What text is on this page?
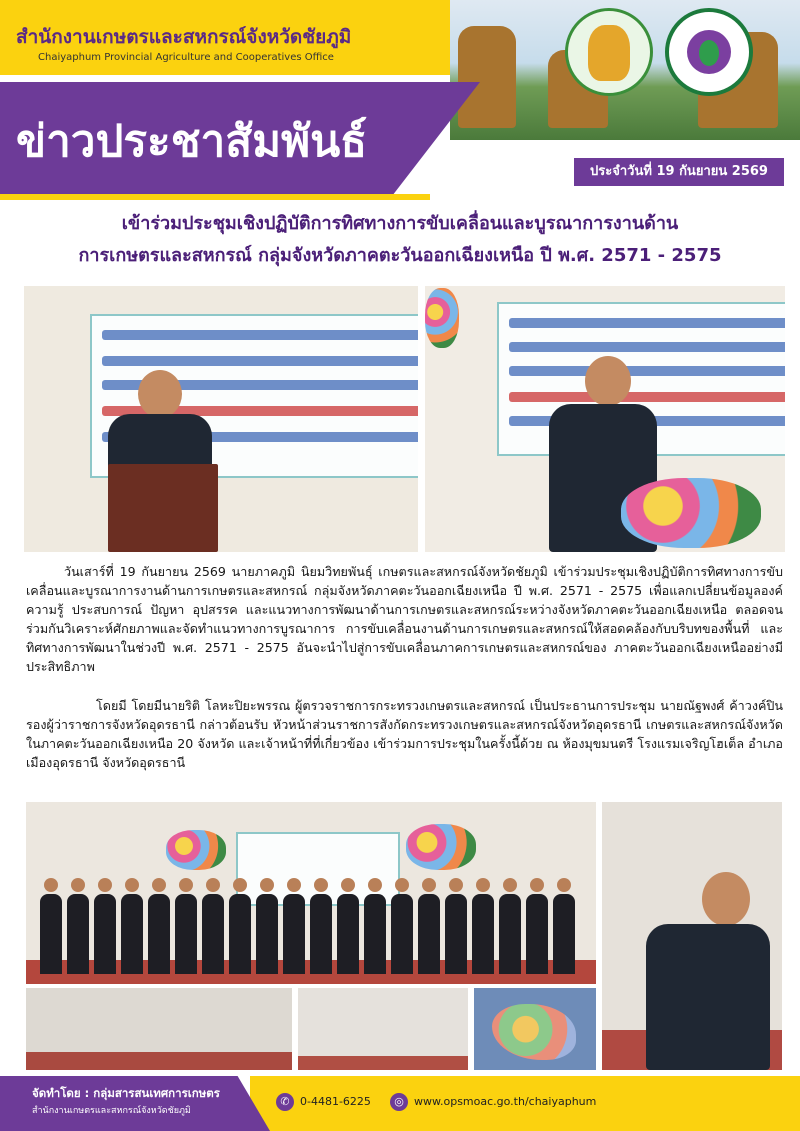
สำนักงานเกษตรและสหกรณ์จังหวัดชัยภูมิ
Chaiyaphum Provincial Agriculture and Cooperatives Office
ข่าวประชาสัมพันธ์
ประจำวันที่ 19 กันยายน 2569
เข้าร่วมประชุมเชิงปฏิบัติการทิศทางการขับเคลื่อนและบูรณาการงานด้าน
การเกษตรและสหกรณ์ กลุ่มจังหวัดภาคตะวันออกเฉียงเหนือ ปี พ.ศ. 2571 - 2575
วันเสาร์ที่ 19 กันยายน 2569 นายภาคภูมิ นิยมวิทยพันธุ์ เกษตรและสหกรณ์จังหวัดชัยภูมิ เข้าร่วมประชุมเชิงปฏิบัติการทิศทางการขับเคลื่อนและบูรณาการงานด้านการเกษตรและสหกรณ์ กลุ่มจังหวัดภาคตะวันออกเฉียงเหนือ ปี พ.ศ. 2571 - 2575 เพื่อแลกเปลี่ยนข้อมูลองค์ความรู้ ประสบการณ์ ปัญหา อุปสรรค และแนวทางการพัฒนาด้านการเกษตรและสหกรณ์ระหว่างจังหวัดภาคตะวันออกเฉียงเหนือ ตลอดจนร่วมกันวิเคราะห์ศักยภาพและจัดทำแนวทางการบูรณาการ การขับเคลื่อนงานด้านการเกษตรและสหกรณ์ให้สอดคล้องกับบริบทของพื้นที่ และทิศทางการพัฒนาในช่วงปี พ.ศ. 2571 - 2575 อันจะนำไปสู่การขับเคลื่อนภาคการเกษตรและสหกรณ์ของ ภาคตะวันออกเฉียงเหนืออย่างมีประสิทธิภาพ
โดยมี โดยมีนายริติ โลหะปิยะพรรณ ผู้ตรวจราชการกระทรวงเกษตรและสหกรณ์ เป็นประธานการประชุม นายณัฐพงศ์ ค้าวงค์ปิน รองผู้ว่าราชการจังหวัดอุดรธานี กล่าวต้อนรับ หัวหน้าส่วนราชการสังกัดกระทรวงเกษตรและสหกรณ์จังหวัดอุดรธานี เกษตรและสหกรณ์จังหวัดในภาคตะวันออกเฉียงเหนือ 20 จังหวัด และเจ้าหน้าที่ที่เกี่ยวข้อง เข้าร่วมการประชุมในครั้งนี้ด้วย ณ ห้องมุขมนตรี โรงแรมเจริญโฮเต็ล อำเภอเมืองอุดรธานี จังหวัดอุดรธานี
จัดทำโดย : กลุ่มสารสนเทศการเกษตร
สำนักงานเกษตรและสหกรณ์จังหวัดชัยภูมิ
✆ 0-4481-6225	◎ www.opsmoac.go.th/chaiyaphum
